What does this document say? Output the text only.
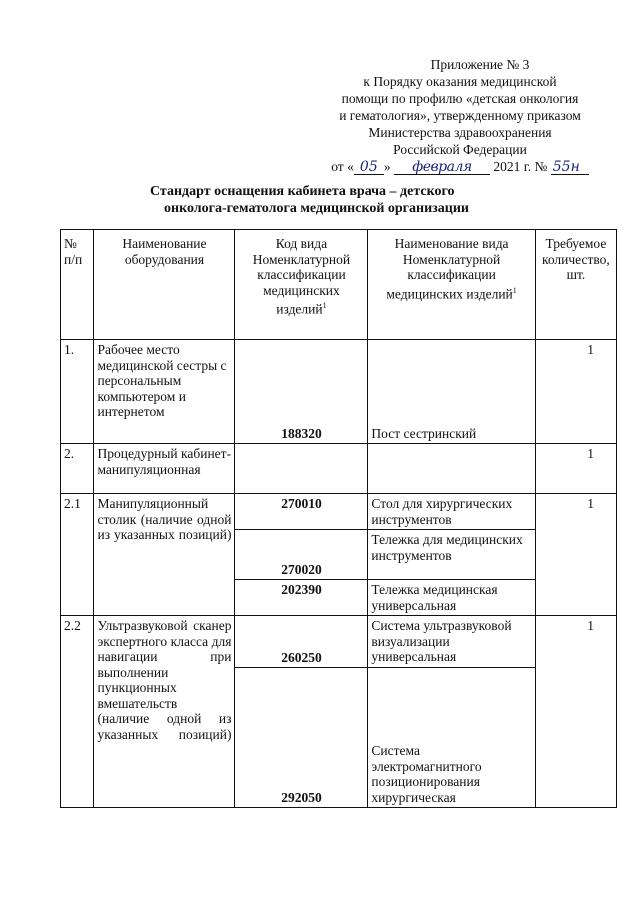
Приложение № 3
к Порядку оказания медицинской
помощи по профилю «детская онкология
и гематология», утвержденному приказом
Министерства здравоохранения
Российской Федерации
от « 05 » февраля 2021 г. № 55н
Стандарт оснащения кабинета врача – детского
онколога-гематолога медицинской организации
№ п/п	Наименование оборудования	Код вида Номенклатурной классификации медицинских изделий$^1$	Наименование вида Номенклатурной классификации медицинских изделий$^1$	Требуемое количество, шт.
1.	Рабочее место медицинской сестры с персональным компьютером и интернетом	188320	Пост сестринский	1
2.	Процедурный кабинет-манипуляционная			1
2.1	Манипуляционный столик (наличие одной из указанных позиций)	270010	Стол для хирургических инструментов	1
		270020	Тележка для медицинских инструментов	
		202390	Тележка медицинская универсальная	
2.2	Ультразвуковой сканер экспертного класса для навигации при выполнении пункционных вмешательств (наличие одной из указанных позиций)	260250	Система ультразвуковой визуализации универсальная	1
		292050	Система электромагнитного позиционирования хирургическая	
